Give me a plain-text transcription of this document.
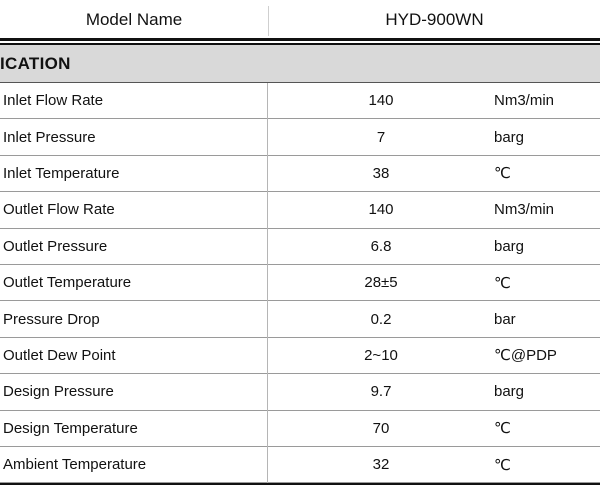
Model Name	HYD-900WN
ICATION
Inlet Flow Rate	140	Nm3/min
Inlet Pressure	7	barg
Inlet Temperature	38	℃
Outlet Flow Rate	140	Nm3/min
Outlet Pressure	6.8	barg
Outlet Temperature	28±5	℃
Pressure Drop	0.2	bar
Outlet Dew Point	2~10	℃@PDP
Design Pressure	9.7	barg
Design Temperature	70	℃
Ambient Temperature	32	℃
